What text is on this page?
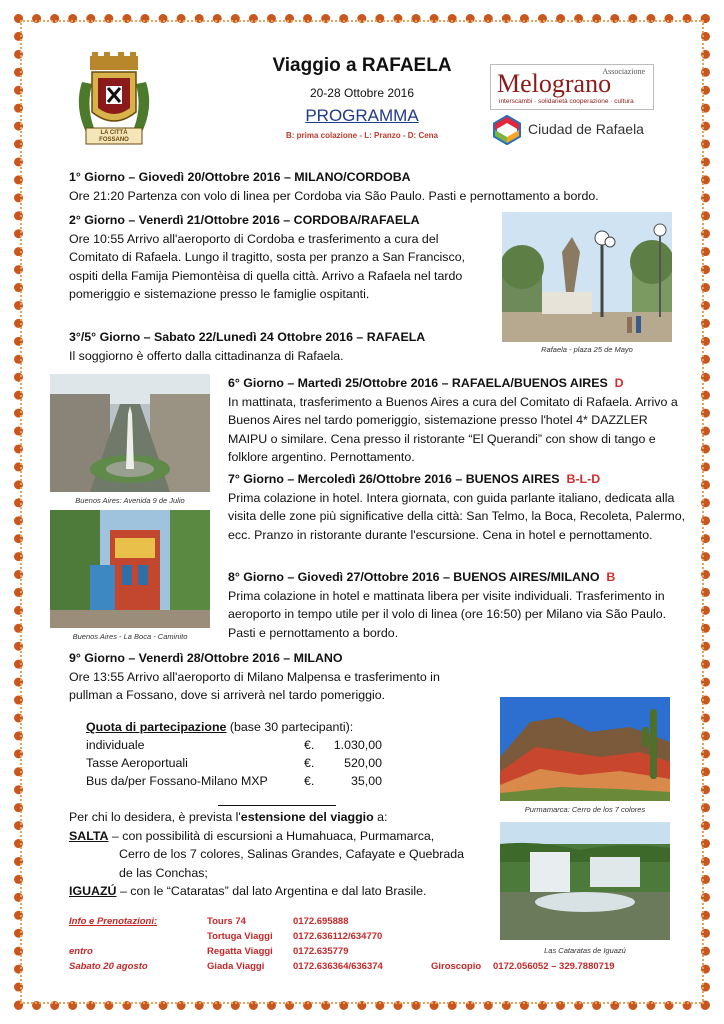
LA CITTÀ
FOSSANO
Viaggio a RAFAELA
20-28 Ottobre 2016
PROGRAMMA
B: prima colazione - L: Pranzo - D: Cena
Associazione
Melograno
interscambi · solidarietà cooperazione · cultura
Ciudad de Rafaela
1° Giorno – Giovedì 20/Ottobre 2016 – MILANO/CORDOBA
Ore 21:20 Partenza con volo di linea per Cordoba via São Paulo. Pasti e pernottamento a bordo.
2° Giorno – Venerdì 21/Ottobre 2016 – CORDOBA/RAFAELA
Ore 10:55 Arrivo all'aeroporto di Cordoba e trasferimento a cura del Comitato di Rafaela. Lungo il tragitto, sosta per pranzo a San Francisco, ospiti della Famija Piemontèisa di quella città. Arrivo a Rafaela nel tardo pomeriggio e sistemazione presso le famiglie ospitanti.
3°/5° Giorno – Sabato 22/Lunedì 24 Ottobre 2016 – RAFAELA
Il soggiorno è offerto dalla cittadinanza di Rafaela.	Rafaela - plaza 25 de Mayo
Buenos Aires: Avenida 9 de Julio
Buenos Aires - La Boca - Caminito
6° Giorno – Martedì 25/Ottobre 2016 – RAFAELA/BUENOS AIRES D
In mattinata, trasferimento a Buenos Aires a cura del Comitato di Rafaela. Arrivo a Buenos Aires nel tardo pomeriggio, sistemazione presso l'hotel 4* DAZZLER MAIPU o similare. Cena presso il ristorante “El Querandi” con show di tango e folklore argentino. Pernottamento.
7° Giorno – Mercoledì 26/Ottobre 2016 – BUENOS AIRES B-L-D
Prima colazione in hotel. Intera giornata, con guida parlante italiano, dedicata alla visita delle zone più significative della città: San Telmo, la Boca, Recoleta, Palermo, ecc. Pranzo in ristorante durante l'escursione. Cena in hotel e pernottamento.
8° Giorno – Giovedì 27/Ottobre 2016 – BUENOS AIRES/MILANO B
Prima colazione in hotel e mattinata libera per visite individuali. Trasferimento in aeroporto in tempo utile per il volo di linea (ore 16:50) per Milano via São Paulo. Pasti e pernottamento a bordo.
9° Giorno – Venerdì 28/Ottobre 2016 – MILANO
Ore 13:55 Arrivo all'aeroporto di Milano Malpensa e trasferimento in pullman a Fossano, dove si arriverà nel tardo pomeriggio.
Quota di partecipazione (base 30 partecipanti):
individuale	€.	1.030,00
Tasse Aeroportuali	€.	520,00
Bus da/per Fossano-Milano MXP	€.	35,00
Per chi lo desidera, è prevista l'estensione del viaggio a:
SALTA – con possibilità di escursioni a Humahuaca, Purmamarca,
Cerro de los 7 colores, Salinas Grandes, Cafayate e Quebrada
de las Conchas;
IGUAZÚ – con le “Cataratas” dal lato Argentina e dal lato Brasile.
Purmamarca: Cerro de los 7 colores
Las Cataratas de Iguazú
Info e Prenotazioni:	Tours 74	0172.695888
Tortuga Viaggi 0172.636112/634770
entro	Regatta Viaggi 0172.635779
Sabato 20 agosto	Giada Viaggi	0172.636364/636374	Giroscopio 0172.056052 – 329.7880719
